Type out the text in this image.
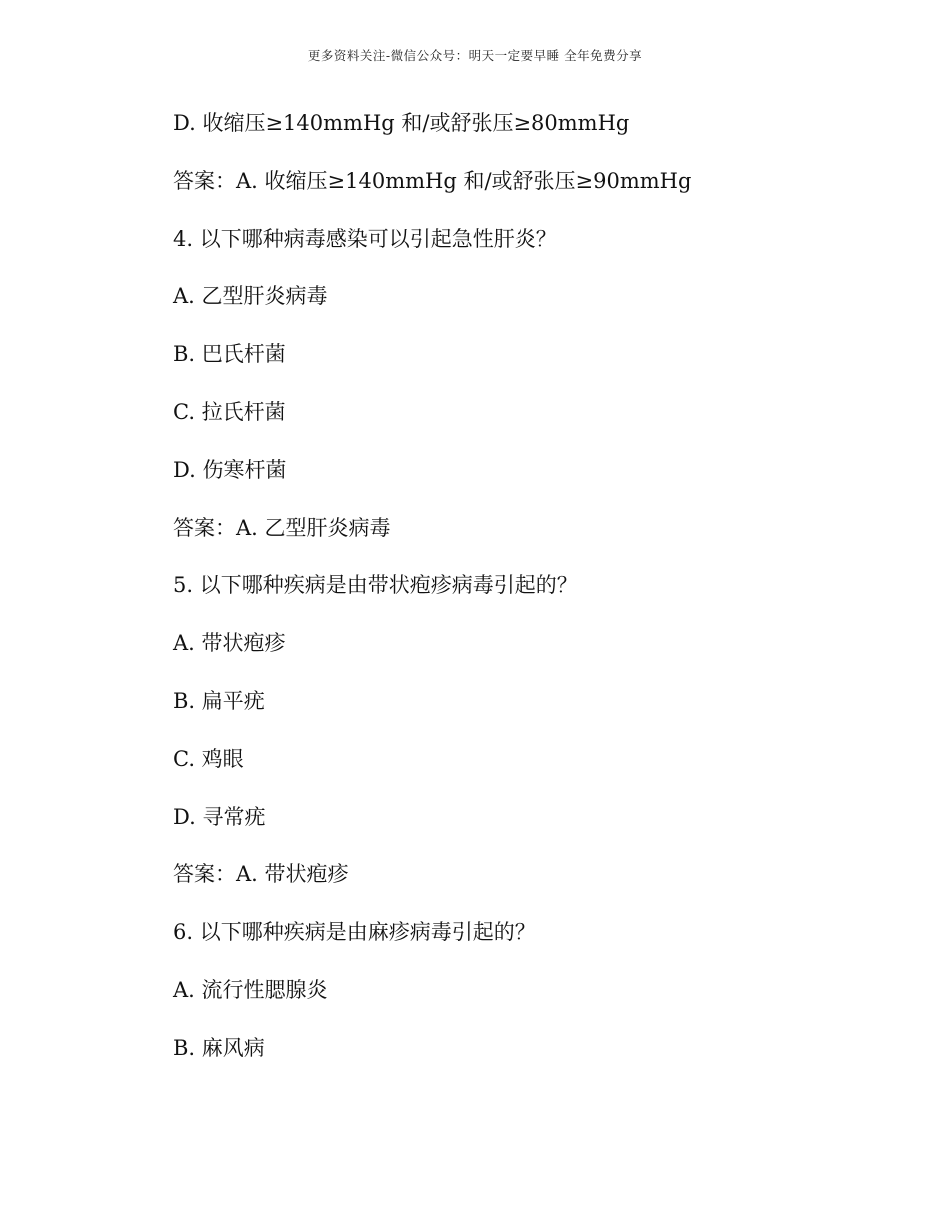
更多资料关注-微信公众号：明天一定要早睡 全年免费分享
D. 收缩压≥140mmHg 和/或舒张压≥80mmHg
答案：A. 收缩压≥140mmHg 和/或舒张压≥90mmHg
4. 以下哪种病毒感染可以引起急性肝炎？
A. 乙型肝炎病毒
B. 巴氏杆菌
C. 拉氏杆菌
D. 伤寒杆菌
答案：A. 乙型肝炎病毒
5. 以下哪种疾病是由带状疱疹病毒引起的？
A. 带状疱疹
B. 扁平疣
C. 鸡眼
D. 寻常疣
答案：A. 带状疱疹
6. 以下哪种疾病是由麻疹病毒引起的？
A. 流行性腮腺炎
B. 麻风病
